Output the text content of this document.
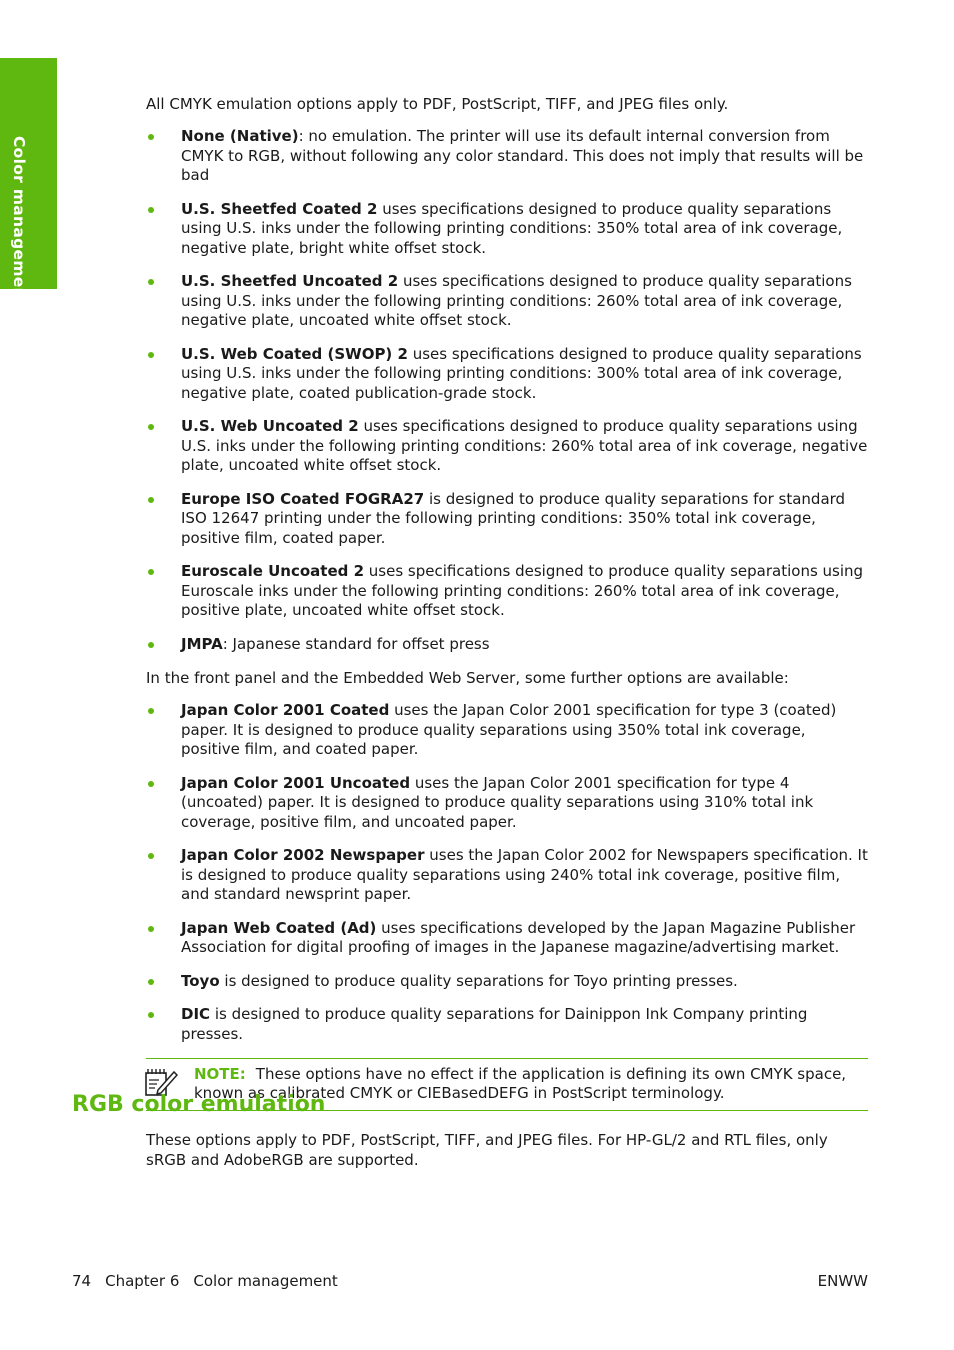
Color management

All CMYK emulation options apply to PDF, PostScript, TIFF, and JPEG files only.

None (Native): no emulation. The printer will use its default internal conversion from CMYK to RGB, without following any color standard. This does not imply that results will be bad
U.S. Sheetfed Coated 2 uses specifications designed to produce quality separations using U.S. inks under the following printing conditions: 350% total area of ink coverage, negative plate, bright white offset stock.
U.S. Sheetfed Uncoated 2 uses specifications designed to produce quality separations using U.S. inks under the following printing conditions: 260% total area of ink coverage, negative plate, uncoated white offset stock.
U.S. Web Coated (SWOP) 2 uses specifications designed to produce quality separations using U.S. inks under the following printing conditions: 300% total area of ink coverage, negative plate, coated publication-grade stock.
U.S. Web Uncoated 2 uses specifications designed to produce quality separations using U.S. inks under the following printing conditions: 260% total area of ink coverage, negative plate, uncoated white offset stock.
Europe ISO Coated FOGRA27 is designed to produce quality separations for standard ISO 12647 printing under the following printing conditions: 350% total ink coverage, positive film, coated paper.
Euroscale Uncoated 2 uses specifications designed to produce quality separations using Euroscale inks under the following printing conditions: 260% total area of ink coverage, positive plate, uncoated white offset stock.
JMPA: Japanese standard for offset press

In the front panel and the Embedded Web Server, some further options are available:

Japan Color 2001 Coated uses the Japan Color 2001 specification for type 3 (coated) paper. It is designed to produce quality separations using 350% total ink coverage, positive film, and coated paper.
Japan Color 2001 Uncoated uses the Japan Color 2001 specification for type 4 (uncoated) paper. It is designed to produce quality separations using 310% total ink coverage, positive film, and uncoated paper.
Japan Color 2002 Newspaper uses the Japan Color 2002 for Newspapers specification. It is designed to produce quality separations using 240% total ink coverage, positive film, and standard newsprint paper.
Japan Web Coated (Ad) uses specifications developed by the Japan Magazine Publisher Association for digital proofing of images in the Japanese magazine/advertising market.
Toyo is designed to produce quality separations for Toyo printing presses.
DIC is designed to produce quality separations for Dainippon Ink Company printing presses.
NOTE: These options have no effect if the application is defining its own CMYK space, known as calibrated CMYK or CIEBasedDEFG in PostScript terminology.
RGB color emulation

These options apply to PDF, PostScript, TIFF, and JPEG files. For HP-GL/2 and RTL files, only sRGB and AdobeRGB are supported.

74 Chapter 6 Color management	ENWW
